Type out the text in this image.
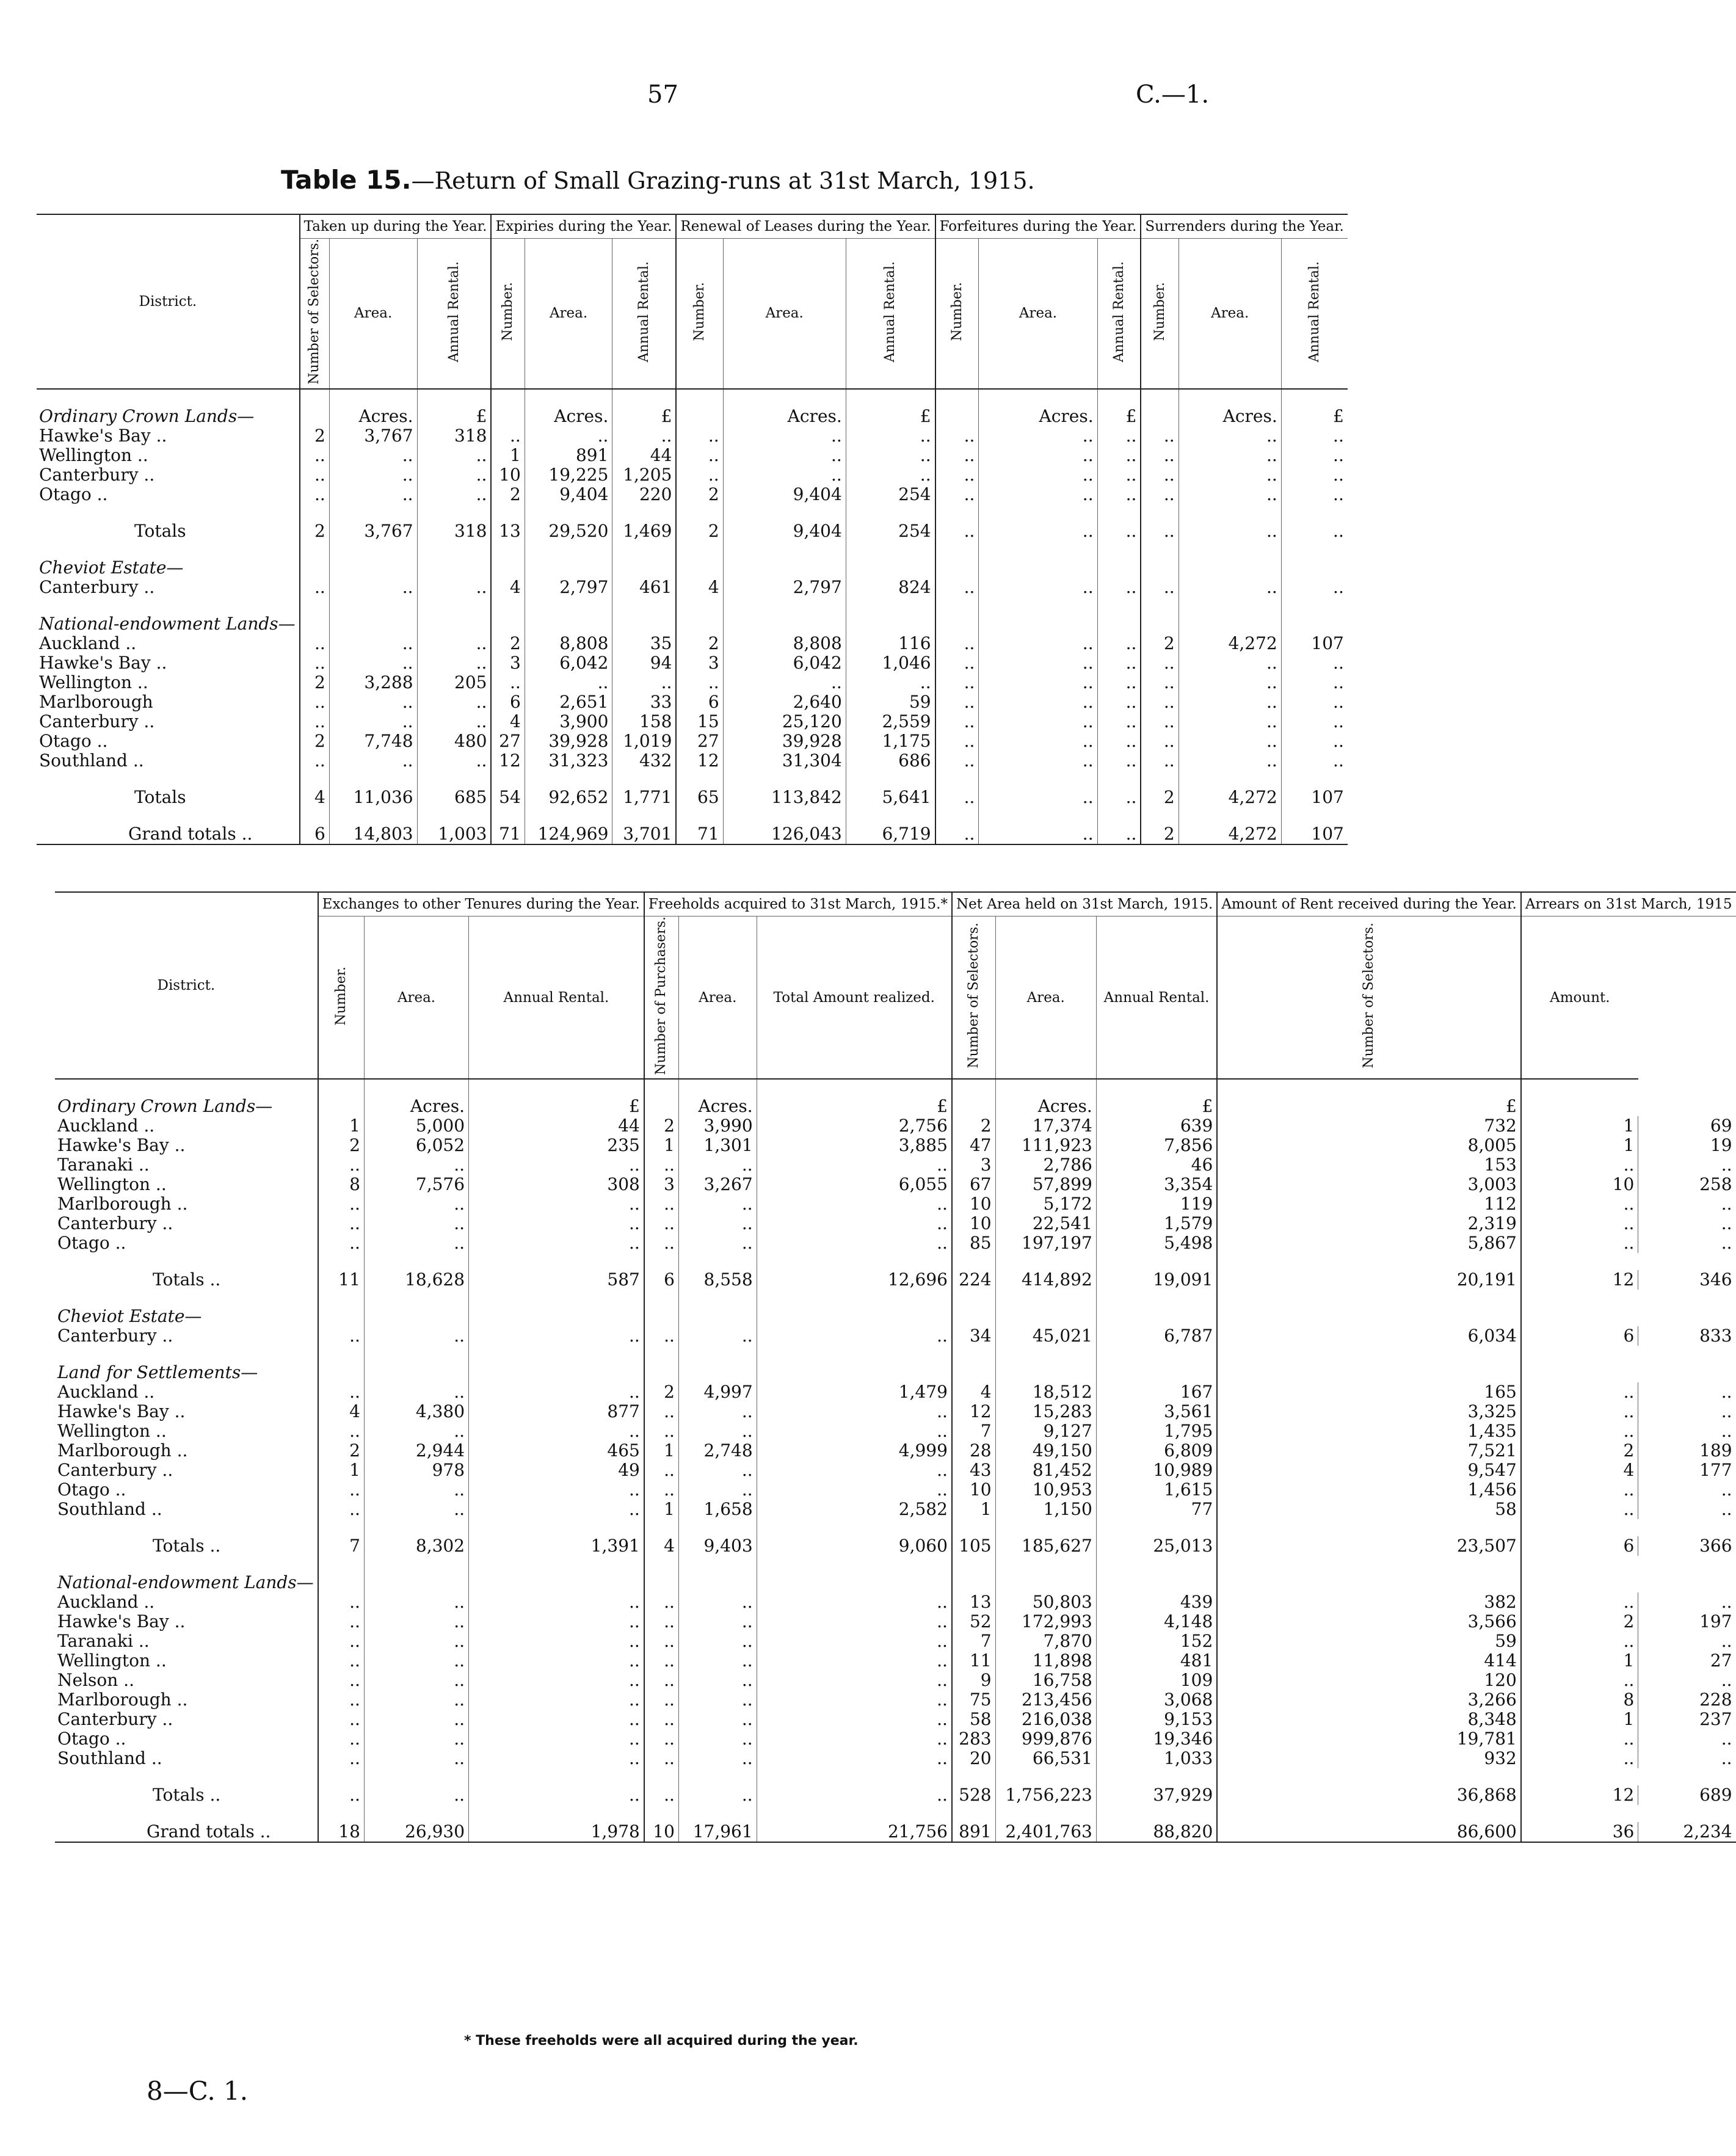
57	C.—1.
Table 15.—Return of Small Grazing-runs at 31st March, 1915.
District.	Taken up during the Year.			Expiries during the Year.			Renewal of Leases during the Year.			Forfeitures during the Year.			Surrenders during the Year.		
	Number of Selectors.	Area.	Annual Rental.	Number.	Area.	Annual Rental.	Number.	Area.	Annual Rental.	Number.	Area.	Annual Rental.	Number.	Area.	Annual Rental.

Ordinary Crown Lands—		Acres.	£		Acres.	£		Acres.	£		Acres.	£		Acres.	£
Hawke's Bay ..	2	3,767	318	..	..	..	..	..	..	..	..	..	..	..	..
Wellington ..	..	..	..	1	891	44	..	..	..	..	..	..	..	..	..
Canterbury ..	..	..	..	10	19,225	1,205	..	..	..	..	..	..	..	..	..
Otago ..	..	..	..	2	9,404	220	2	9,404	254	..	..	..	..	..	..

Totals	2	3,767	318	13	29,520	1,469	2	9,404	254	..	..	..	..	..	..

Cheviot Estate—															
Canterbury ..	..	..	..	4	2,797	461	4	2,797	824	..	..	..	..	..	..

National-endowment Lands—															
Auckland ..	..	..	..	2	8,808	35	2	8,808	116	..	..	..	2	4,272	107
Hawke's Bay ..	..	..	..	3	6,042	94	3	6,042	1,046	..	..	..	..	..	..
Wellington ..	2	3,288	205	..	..	..	..	..	..	..	..	..	..	..	..
Marlborough	..	..	..	6	2,651	33	6	2,640	59	..	..	..	..	..	..
Canterbury ..	..	..	..	4	3,900	158	15	25,120	2,559	..	..	..	..	..	..
Otago ..	2	7,748	480	27	39,928	1,019	27	39,928	1,175	..	..	..	..	..	..
Southland ..	..	..	..	12	31,323	432	12	31,304	686	..	..	..	..	..	..

Totals	4	11,036	685	54	92,652	1,771	65	113,842	5,641	..	..	..	2	4,272	107

Grand totals ..	6	14,803	1,003	71	124,969	3,701	71	126,043	6,719	..	..	..	2	4,272	107
District.	Exchanges to other Tenures during the Year.			Freeholds acquired to 31st March, 1915.*			Net Area held on 31st March, 1915.			Amount of Rent received during the Year.	Arrears on 31st March, 1915	
	Number.	Area.	Annual Rental.	Number of Purchasers.	Area.	Total Amount realized.	Number of Selectors.	Area.	Annual Rental.	Number of Selectors.	Amount.	

Ordinary Crown Lands—		Acres.	£		Acres.	£		Acres.	£	£		
Auckland ..	1	5,000	44	2	3,990	2,756	2	17,374	639	732	1	69
Hawke's Bay ..	2	6,052	235	1	1,301	3,885	47	111,923	7,856	8,005	1	19
Taranaki ..	..	..	..	..	..	..	3	2,786	46	153	..	..
Wellington ..	8	7,576	308	3	3,267	6,055	67	57,899	3,354	3,003	10	258
Marlborough ..	..	..	..	..	..	..	10	5,172	119	112	..	..
Canterbury ..	..	..	..	..	..	..	10	22,541	1,579	2,319	..	..
Otago ..	..	..	..	..	..	..	85	197,197	5,498	5,867	..	..

Totals ..	11	18,628	587	6	8,558	12,696	224	414,892	19,091	20,191	12	346

Cheviot Estate—												
Canterbury ..	..	..	..	..	..	..	34	45,021	6,787	6,034	6	833

Land for Settlements—												
Auckland ..	..	..	..	2	4,997	1,479	4	18,512	167	165	..	..
Hawke's Bay ..	4	4,380	877	..	..	..	12	15,283	3,561	3,325	..	..
Wellington ..	..	..	..	..	..	..	7	9,127	1,795	1,435	..	..
Marlborough ..	2	2,944	465	1	2,748	4,999	28	49,150	6,809	7,521	2	189
Canterbury ..	1	978	49	..	..	..	43	81,452	10,989	9,547	4	177
Otago ..	..	..	..	..	..	..	10	10,953	1,615	1,456	..	..
Southland ..	..	..	..	1	1,658	2,582	1	1,150	77	58	..	..

Totals ..	7	8,302	1,391	4	9,403	9,060	105	185,627	25,013	23,507	6	366

National-endowment Lands—												
Auckland ..	..	..	..	..	..	..	13	50,803	439	382	..	..
Hawke's Bay ..	..	..	..	..	..	..	52	172,993	4,148	3,566	2	197
Taranaki ..	..	..	..	..	..	..	7	7,870	152	59	..	..
Wellington ..	..	..	..	..	..	..	11	11,898	481	414	1	27
Nelson ..	..	..	..	..	..	..	9	16,758	109	120	..	..
Marlborough ..	..	..	..	..	..	..	75	213,456	3,068	3,266	8	228
Canterbury ..	..	..	..	..	..	..	58	216,038	9,153	8,348	1	237
Otago ..	..	..	..	..	..	..	283	999,876	19,346	19,781	..	..
Southland ..	..	..	..	..	..	..	20	66,531	1,033	932	..	..

Totals ..	..	..	..	..	..	..	528	1,756,223	37,929	36,868	12	689

Grand totals ..	18	26,930	1,978	10	17,961	21,756	891	2,401,763	88,820	86,600	36	2,234
* These freeholds were all acquired during the year.
8—C. 1.
